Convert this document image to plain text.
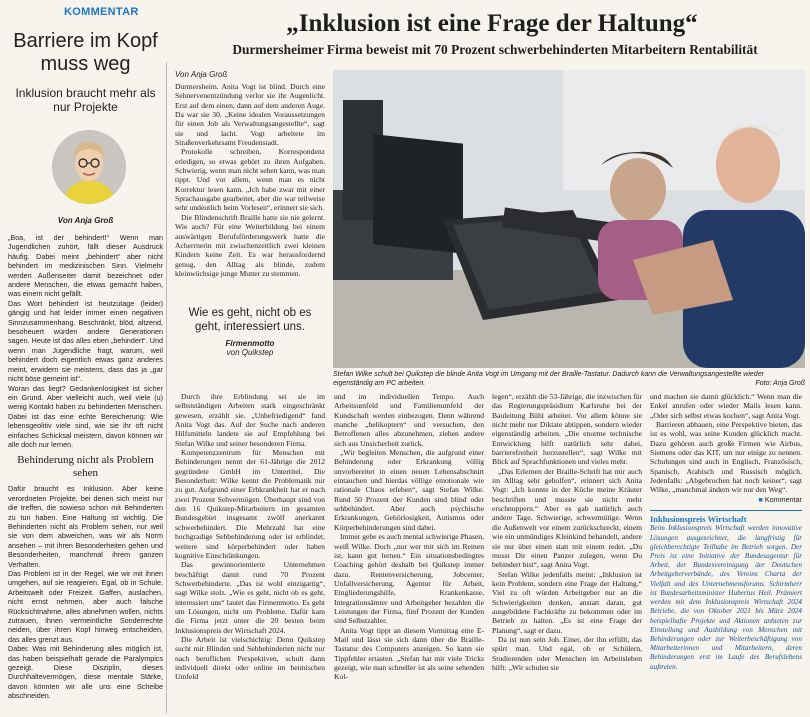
KOMMENTAR
Barriere im Kopf muss weg
Inklusion braucht mehr als nur Projekte
Von Anja Groß

„Boa, ist der behindert!“ Wenn man Jugendlichen zuhört, fällt dieser Ausdruck häufig. Dabei meint „behindert“ aber nicht behindert im medizinischen Sinn. Vielmehr werden Außenseiter damit bezeichnet oder andere Menschen, die etwas gemacht haben, was einem nicht gefällt.

Das Wort behindert ist heutzutage (leider) gängig und hat leider immer einen negativen Sinnzusammenhang. Beschränkt, blöd, altzend, besoheuert würden andere Generationen sagen. Heute ist das alles eben „behindert“. Und wenn man Jugendliche fragt, warum, weil behindert doch eigentlich etwas ganz anderes meint, erwidern sie meistens, dass das ja „gar nicht böse gemeint ist“.

Woran das liegt? Gedankenlosigkeit ist sicher ein Grund. Aber vielleicht auch, weil viele (u) wenig Kontakt haben zu behinderten Menschen. Dabei ist das eine echte Bereicherung: Wie lebensgeolitiv viele sind, wie sie ihr oft nicht einfaches Schicksal meistern, davon können wir alle doch nur lernen.

Behinderung nicht als Problem sehen

Dafür braucht es Inklusion. Aber keine verordneten Projekte, bei denen sich meist nur die treffen, die sowieso schon mit Behinderten zu tun haben. Eine Haltung ist wichtig. Die Behinderten nicht als Problem sehen, nur weil sie von dem abweichen, was wir als Norm ansehen – mit ihren Besonderheiten gehen und Besonderheiten, manchmal ihrem ganzen Verhalten.

Das Problem ist in der Regel, wie wir mit ihnen umgehen, auf sie reagieren. Egal, ob in Schule, Arbeitswelt oder Freizeit. Gaffen, auslachen, nicht ernst nehmen, aber auch falsche Rücksichtnahme, alles abnehmen wollen, nichts zutrauen, ihnen vermeintliche Sonderrechte neiden, über ihren Kopf hinweg entscheiden, das alles grenzt aus.

Dabei: Was mit Behinderung alles möglich ist, das haben beispielhaft gerade die Paralympics gezeigt. Diese Disziplin, dieses Durchhaltevermögen, diese mentale Stärke, davon könnten wir alle uns eine Scheibe abschneiden.

„Inklusion ist eine Frage der Haltung“
Durmersheimer Firma beweist mit 70 Prozent schwerbehinderten Mitarbeitern Rentabilität
Von Anja Groß

Durmersheim. Anita Vogt ist blind. Durch eine Sehnervenentzündung verlor sie ihr Augenlicht. Erst auf dem einen, dann auf dem anderen Auge. Da war sie 30. „Keine idealen Voraussetzungen für einen Job als Verwaltungsangestellte“, sagt sie und lacht. Vogt arbeitete im Straßenverkehrsamt Freudenstadt.

Protokolle schreiben, Korrespondenz erledigen, so etwas gehört zu ihren Aufgaben. Schwierig, wenn man nicht sehen kann, was man tippt. Und vor allem, wenn man es nicht Korrektur lesen kann. „Ich habe zwar mit einer Sprachausgabe gearbeitet, aber die war teilweise sehr undeutlich beim Vorlesen“, erinnert sie sich.

Die Blindenschrift Braille hatte sie nie gelernt. Wie auch? Für eine Weiterbildung bei einem auswärtigen Berufsförderungswerk hatte die Acherrnerin mit zwischenzeitlich zwei kleinen Kindern keine Zeit. Es war herausfordernd genug, den Alltag als blinde, zudem kleinwüchsige junge Mutter zu stemmen.

Wie es geht, nicht ob es geht, interessiert uns.
Firmenmotto
von Quikstep
Stefan Wilke schult bei Quikstep die blinde Anita Vogt im Umgang mit der Braille-Tastatur. Dadurch kann die Verwaltungsangestellte wieder eigenständig am PC arbeiten.	Foto: Anja Groß

Durch ihre Erblindung sei sie im selbstständigen Arbeiten stark eingeschränkt gewesen, erzählt sie. „Unbefriedigend“ fand Anita Vogt das. Auf der Suche nach anderen Hilfsmitteln landete sie auf Empfehlung bei Stefan Wilke und seiner besonderen Firma.

Kompetenzzentrum für Menschen mit Behinderungen nennt der 61-Jährige die 2012 gegründete GmbH im Untertitel. Die Besonderheit: Wilke kennt die Problematik nur zu gut. Aufgrund einer Erbkrankheit hat er nach zwei Prozent Sehvermögen. Überhaupt sind von den 16 Quikstep-Mitarbeitern im gesamten Bundesgebiet insgesamt zwölf anerkannt schwerbehindert. Die Mehrzahl hat eine hochgradige Sehbehinderung oder ist erblindet, weitere sind körperbehindert oder haben kognitive Einschränkungen.

Das gewinnorientierte Unternehmen beschäftigt damit rund 70 Prozent Schwerbehinderte. „Das ist wohl einzigartig“, sagt Wilke stolz. „Wie es geht, nicht ob es geht, interessiert uns“ lautet das Firmenmotto. Es geht um Lösungen, nicht um Probleme. Dafür kam die Firma jetzt unter die 20 besten beim Inklusionspreis der Wirtschaft 2024.

Die Arbeit ist vielschichtig: Denn Quikstep sucht mit Blinden und Sehbehinderten nicht nur nach beruflichen Perspektiven, schult dann individuell direkt oder online im heimischen Umfeld

und im individuellen Tempo. Auch Arbeitsumfeld und Familienumfeld der Kundschaft werden einbezogen. Denn während manche „helikoptern“ und versuchen, den Betroffenen alles abzunehmen, ziehen andere sich aus Unsicherheit zurück.

„Wir begleiten Menschen, die aufgrund einer Behinderung oder Erkrankung völlig unvorbereitet in einen neuen Lebensabschnitt eintauchen und hierdas völlige emotionale wie rationale Chaos erleben“, sagt Stefan Wilke. Rund 50 Prozent der Kunden sind blind oder sehbehindert. Aber auch psychische Erkrankungen, Gehörlosigkeit, Autismus oder Körperbehinderungen sind dabei.

Immer gebe es auch mental schwierige Phasen, weiß Wilke. Doch „nur wer mit sich im Reinen ist, kann gut lernen.“ Ein situationsbedingtes Coaching gehört deshalb bei Quikstep immer dazu. Rentenversicherung, Jobcenter, Unfallversicherung, Agentur für Arbeit, Eingliederungshilfe, Krankenkasse, Integrationsämter und Arbeitgeber bezahlen die Leistungen der Firma, fünf Prozent der Kunden sind Selbstzahler.

Anita Vogt tippt an diesem Vormittag eine E-Mail und lässt sie sich dann über die Braille-Tastatur des Computers anzeigen. So kann sie Tippfehler ertasten. „Stefan hat mir viele Tricks gezeigt, wie man schneller ist als seine sehenden Kol-

legen“, erzählt die 53-Jährige, die inzwischen für das Regierungspräsidium Karlsruhe bei der Bauleitung Bühl arbeitet. Vor allem könne sie nicht mehr nur Diktate abtippen, sondern wieder eigenständig arbeiten. „Die enorme technische Entwicklung hilft natürlich sehr dabei, barrierefreiheit herzustellen“, sagt Wilke mit Blick auf Sprachfunktionen und vieles mehr.

„Das Erlernen der Braille-Schrift hat mir auch im Alltag sehr geholfen“, erinnert sich Anita Vogt: „Ich konnte in der Küche meine Kräuter beschriften und musste sie nicht mehr erschnuppern.“ Aber es gab natürlich auch andere Tage. Schwierige, schwermütige. Wenn die Außenwelt vor einem zurückschreckt, einem wie ein unmündiges Kleinkind behandelt, andere sie nur über einen statt mit einem redet. „Du musst Dir einen Panzer zulegen, wenn Du behindert bist“, sagt Anita Vogt.

Stefan Wilke jedenfalls meint: „Inklusion ist kein Problem, sondern eine Frage der Haltung.“ Viel zu oft würden Arbeitgeber nur an die Schwierigkeiten denken, anstatt daran, gut ausgebildete Fachkräfte zu bekommen oder im Betrieb zu halten. „Es ist eine Frage der Planung“, sagt er dazu.

Da ist nun sein Job. Einer, der ihn erfüllt, das spürt man. Und egal, ob er Schülern, Studierenden oder Menschen im Arbeitsleben hilft: „Wir schulen sie

und machen sie damit glücklich.“ Wenn man die Enkel anrufen oder wieder Mails lesen kann. „Oder sich selbst etwas kochen“, sagt Anita Vogt.

Barrieren abbauen, eine Perspektive bieten, das ist es wohl, was seine Kunden glücklich macht. Dazu gehören auch große Firmen wie Airbus, Siemens oder das KIT, um nur einige zu nennen. Schulungen sind auch in Englisch, Französisch, Spanisch, Arabisch und Russisch möglich. Jedenfalls: „Abgebrochen hat noch keiner“, sagt Wilke, „manchmal ändern wir nur den Weg“.

■ Kommentar
Inklusionspreis Wirtschaft
Beim Inklusionspreis Wirtschaft werden innovative Lösungen ausgezeichnet, die langfristig für gleichberechtigte Teilhabe im Betrieb sorgen. Der Preis ist eine Initiative der Bundesagentur für Arbeit, der Bundesvereinigung der Deutschen Arbeitgeberverbände, des Vereins Charta der Vielfalt und des Unternehmensforums. Schirmherr ist Bundesarbeitsminister Hubertus Heil. Prämiert werden mit dem Inklusionspreis Wirtschaft 2024 Betriebe, die von Oktober 2021 bis März 2024 beispielhafte Projekte und Aktionen anbieten zur Einstellung und Ausbildung von Menschen mit Behinderungen oder zur Weiterbeschäftigung von Mitarbeiterinnen und Mitarbeitern, deren Behinderungen erst im Laufe des Berufslebens auftreten.
